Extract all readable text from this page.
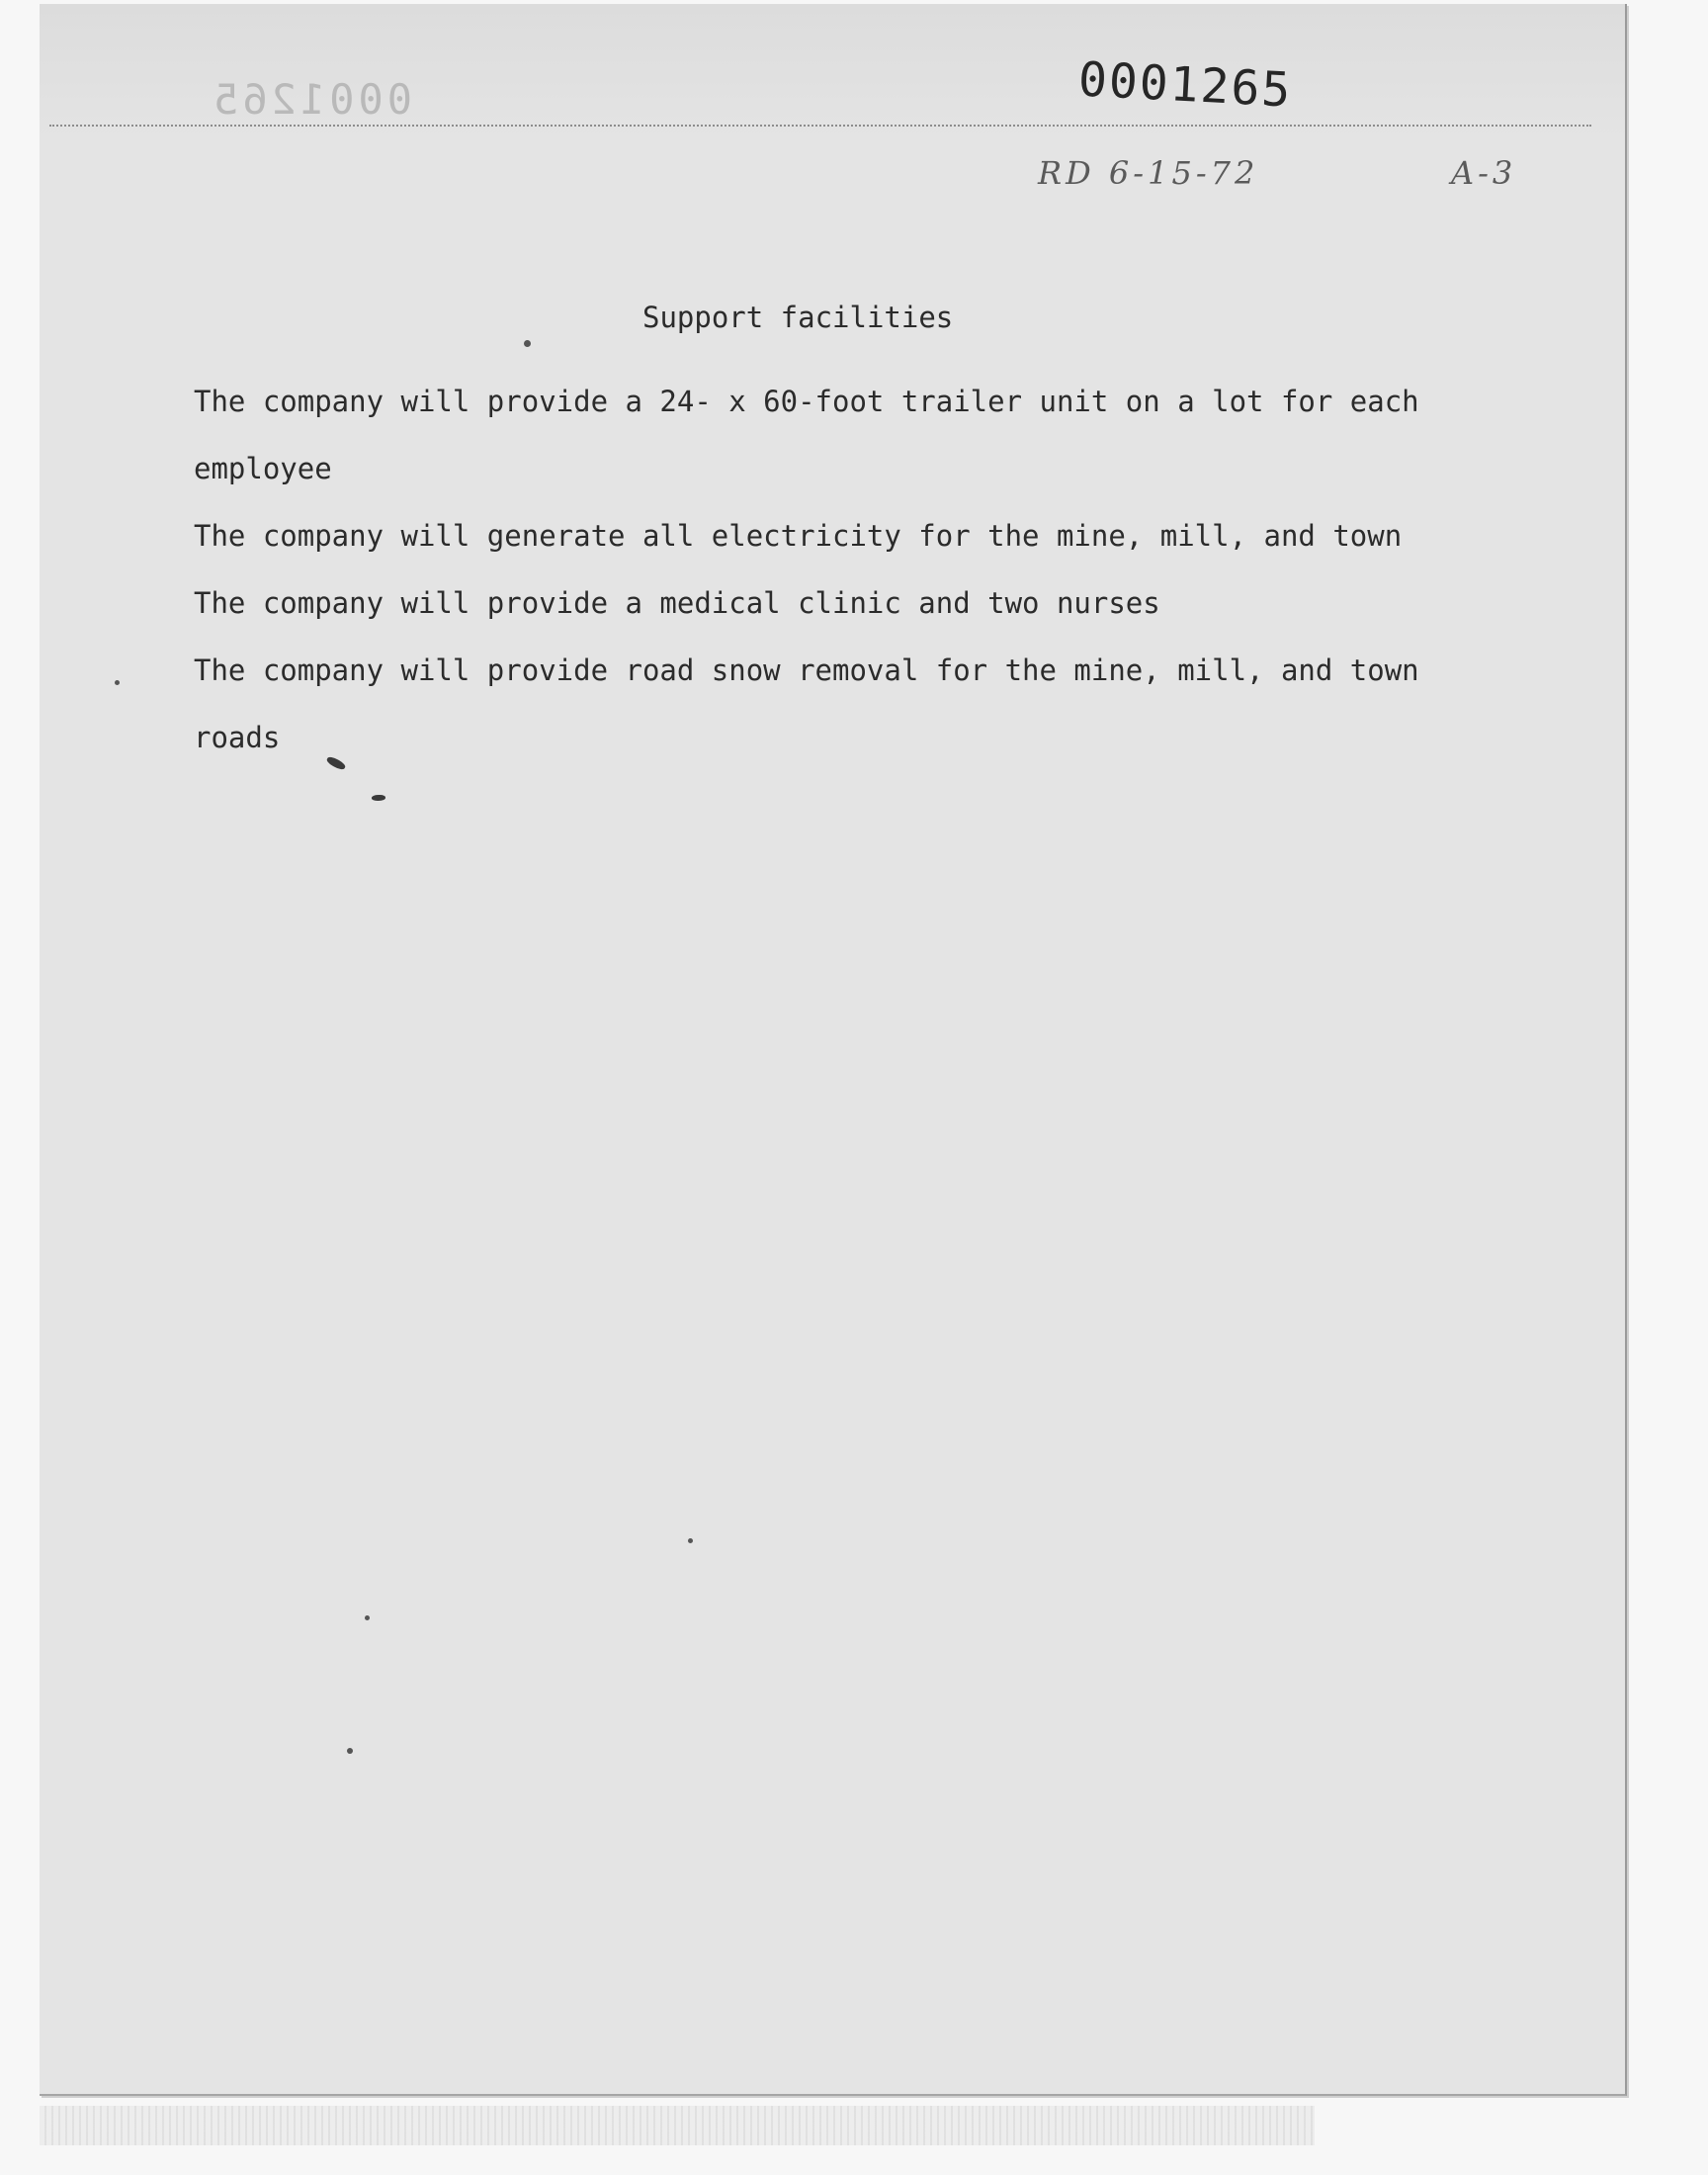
0001265	0001265
RD 6-15-72	A-3
Support facilities

The company will provide a 24- x 60-foot trailer unit on a lot for each employee

The company will generate all electricity for the mine, mill, and town

The company will provide a medical clinic and two nurses

The company will provide road snow removal for the mine, mill, and town roads
